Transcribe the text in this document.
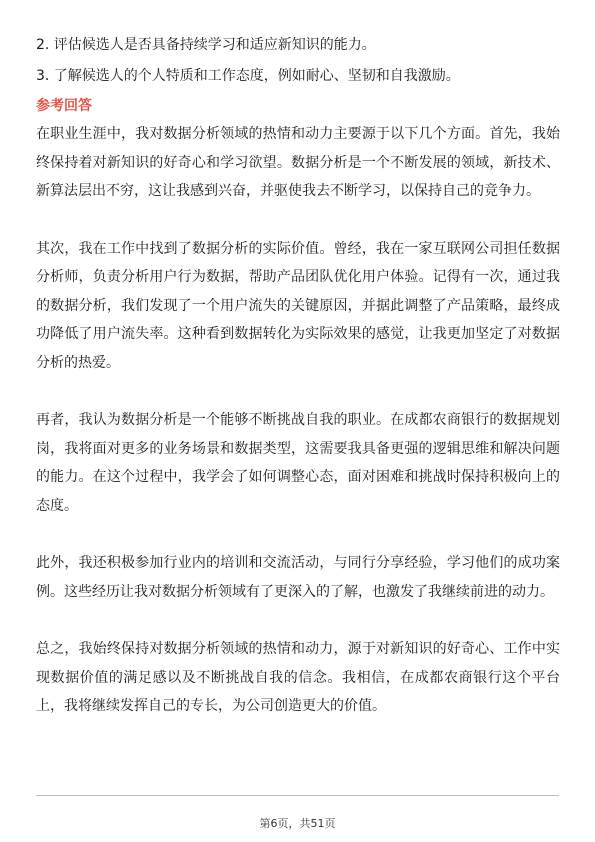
2. 评估候选人是否具备持续学习和适应新知识的能力。

3. 了解候选人的个人特质和工作态度，例如耐心、坚韧和自我激励。

参考回答

在职业生涯中，我对数据分析领域的热情和动力主要源于以下几个方面。首先，我始终保持着对新知识的好奇心和学习欲望。数据分析是一个不断发展的领域，新技术、新算法层出不穷，这让我感到兴奋，并驱使我去不断学习，以保持自己的竞争力。

其次，我在工作中找到了数据分析的实际价值。曾经，我在一家互联网公司担任数据分析师，负责分析用户行为数据，帮助产品团队优化用户体验。记得有一次，通过我的数据分析，我们发现了一个用户流失的关键原因，并据此调整了产品策略，最终成功降低了用户流失率。这种看到数据转化为实际效果的感觉，让我更加坚定了对数据分析的热爱。

再者，我认为数据分析是一个能够不断挑战自我的职业。在成都农商银行的数据规划岗，我将面对更多的业务场景和数据类型，这需要我具备更强的逻辑思维和解决问题的能力。在这个过程中，我学会了如何调整心态，面对困难和挑战时保持积极向上的态度。

此外，我还积极参加行业内的培训和交流活动，与同行分享经验，学习他们的成功案例。这些经历让我对数据分析领域有了更深入的了解，也激发了我继续前进的动力。

总之，我始终保持对数据分析领域的热情和动力，源于对新知识的好奇心、工作中实现数据价值的满足感以及不断挑战自我的信念。我相信，在成都农商银行这个平台上，我将继续发挥自己的专长，为公司创造更大的价值。

第6页，共51页
